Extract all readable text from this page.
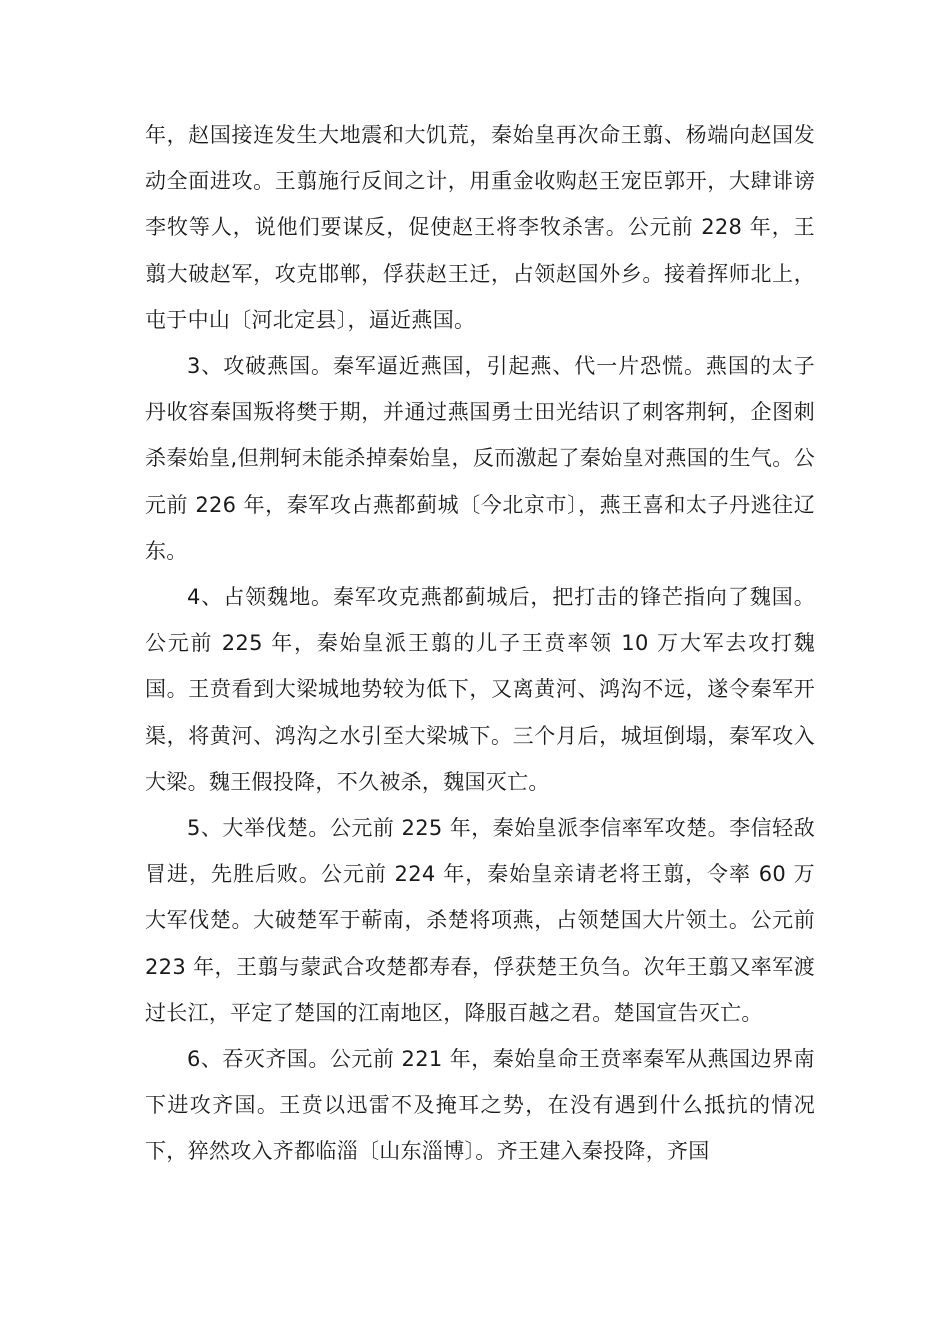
年，赵国接连发生大地震和大饥荒，秦始皇再次命王翦、杨端向赵国发动全面进攻。王翦施行反间之计，用重金收购赵王宠臣郭开，大肆诽谤李牧等人，说他们要谋反，促使赵王将李牧杀害。公元前 228 年，王翦大破赵军，攻克邯郸，俘获赵王迁，占领赵国外乡。接着挥师北上，屯于中山〔河北定县〕，逼近燕国。

3、攻破燕国。秦军逼近燕国，引起燕、代一片恐慌。燕国的太子丹收容秦国叛将樊于期，并通过燕国勇士田光结识了刺客荆轲，企图刺杀秦始皇,但荆轲未能杀掉秦始皇，反而激起了秦始皇对燕国的生气。公元前 226 年，秦军攻占燕都蓟城〔今北京市〕，燕王喜和太子丹逃往辽东。

4、占领魏地。秦军攻克燕都蓟城后，把打击的锋芒指向了魏国。公元前 225 年，秦始皇派王翦的儿子王贲率领 10 万大军去攻打魏国。王贲看到大梁城地势较为低下，又离黄河、鸿沟不远，遂令秦军开渠，将黄河、鸿沟之水引至大梁城下。三个月后，城垣倒塌，秦军攻入大梁。魏王假投降，不久被杀，魏国灭亡。

5、大举伐楚。公元前 225 年，秦始皇派李信率军攻楚。李信轻敌冒进，先胜后败。公元前 224 年，秦始皇亲请老将王翦，令率 60 万大军伐楚。大破楚军于蕲南，杀楚将项燕，占领楚国大片领土。公元前 223 年，王翦与蒙武合攻楚都寿春，俘获楚王负刍。次年王翦又率军渡过长江，平定了楚国的江南地区，降服百越之君。楚国宣告灭亡。

6、吞灭齐国。公元前 221 年，秦始皇命王贲率秦军从燕国边界南下进攻齐国。王贲以迅雷不及掩耳之势，在没有遇到什么抵抗的情况下，猝然攻入齐都临淄〔山东淄博〕。齐王建入秦投降，齐国
